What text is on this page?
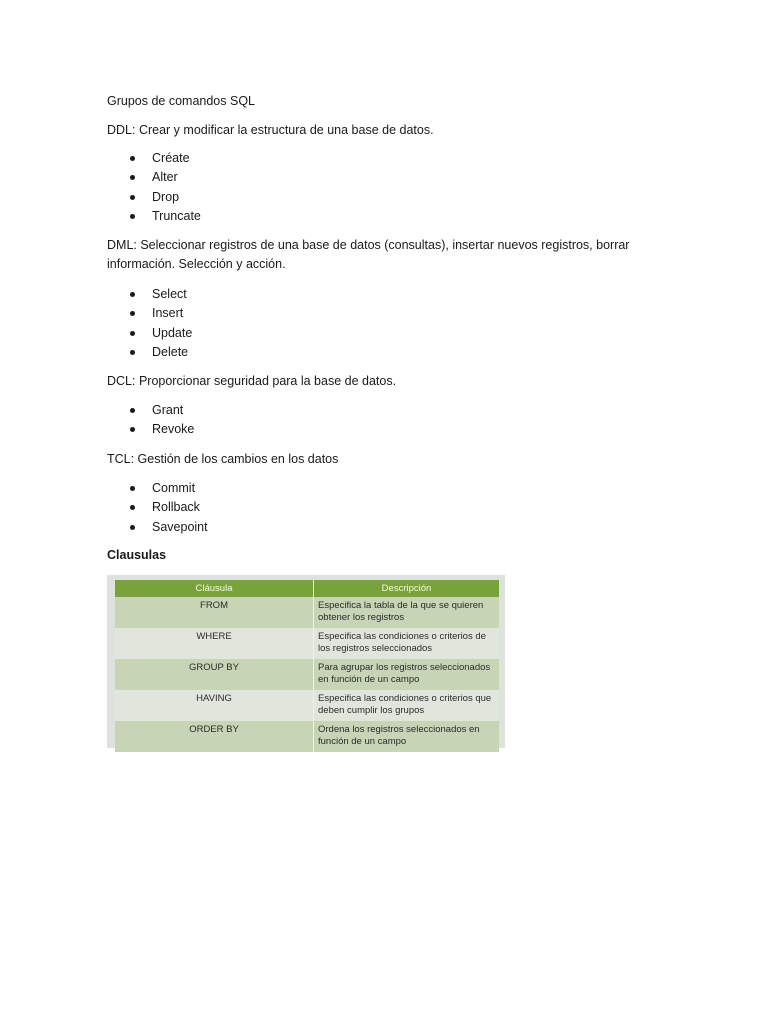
Grupos de comandos SQL

DDL: Crear y modificar la estructura de una base de datos.

Créate
Alter
Drop
Truncate

DML: Seleccionar registros de una base de datos (consultas), insertar nuevos registros, borrar información. Selección y acción.

Select
Insert
Update
Delete

DCL: Proporcionar seguridad para la base de datos.

Grant
Revoke

TCL: Gestión de los cambios en los datos

Commit
Rollback
Savepoint

Clausulas

Cláusula	Descripción
FROM	Especifica la tabla de la que se quieren obtener los registros
WHERE	Especifica las condiciones o criterios de los registros seleccionados
GROUP BY	Para agrupar los registros seleccionados en función de un campo
HAVING	Especifica las condiciones o criterios que deben cumplir los grupos
ORDER BY	Ordena los registros seleccionados en función de un campo
